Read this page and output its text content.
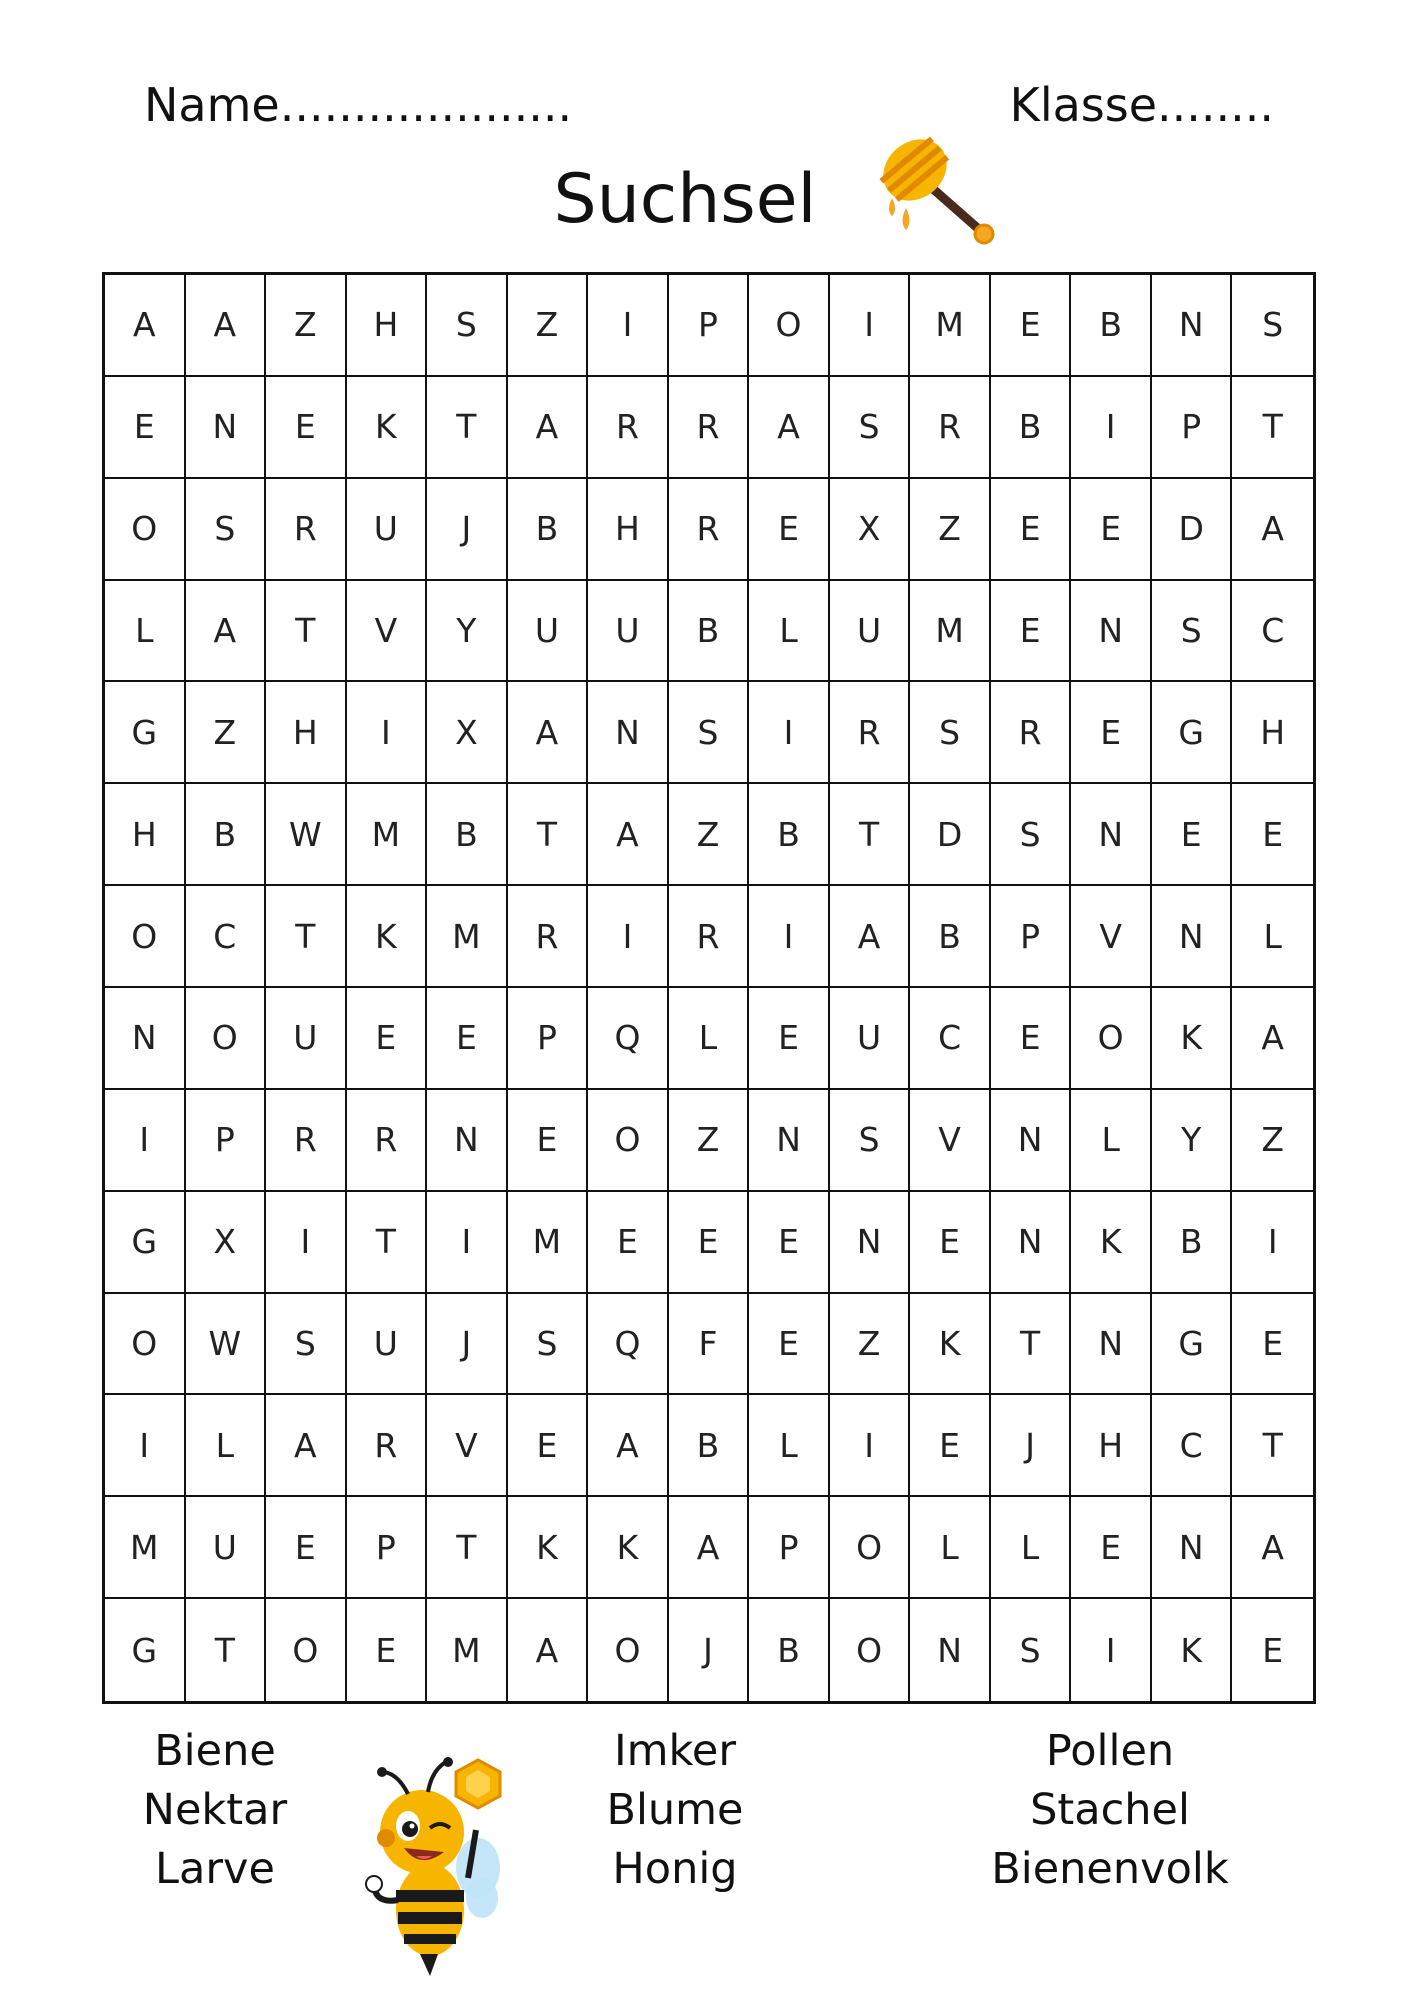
Name....................	Klasse........
Suchsel
A	A	Z	H	S	Z	I	P	O	I	M	E	B	N	S
E	N	E	K	T	A	R	R	A	S	R	B	I	P	T
O	S	R	U	J	B	H	R	E	X	Z	E	E	D	A
L	A	T	V	Y	U	U	B	L	U	M	E	N	S	C
G	Z	H	I	X	A	N	S	I	R	S	R	E	G	H
H	B	W	M	B	T	A	Z	B	T	D	S	N	E	E
O	C	T	K	M	R	I	R	I	A	B	P	V	N	L
N	O	U	E	E	P	Q	L	E	U	C	E	O	K	A
I	P	R	R	N	E	O	Z	N	S	V	N	L	Y	Z
G	X	I	T	I	M	E	E	E	N	E	N	K	B	I
O	W	S	U	J	S	Q	F	E	Z	K	T	N	G	E
I	L	A	R	V	E	A	B	L	I	E	J	H	C	T
M	U	E	P	T	K	K	A	P	O	L	L	E	N	A
G	T	O	E	M	A	O	J	B	O	N	S	I	K	E
Biene
Nektar
Larve
Imker
Blume
Honig
Pollen
Stachel
Bienenvolk
